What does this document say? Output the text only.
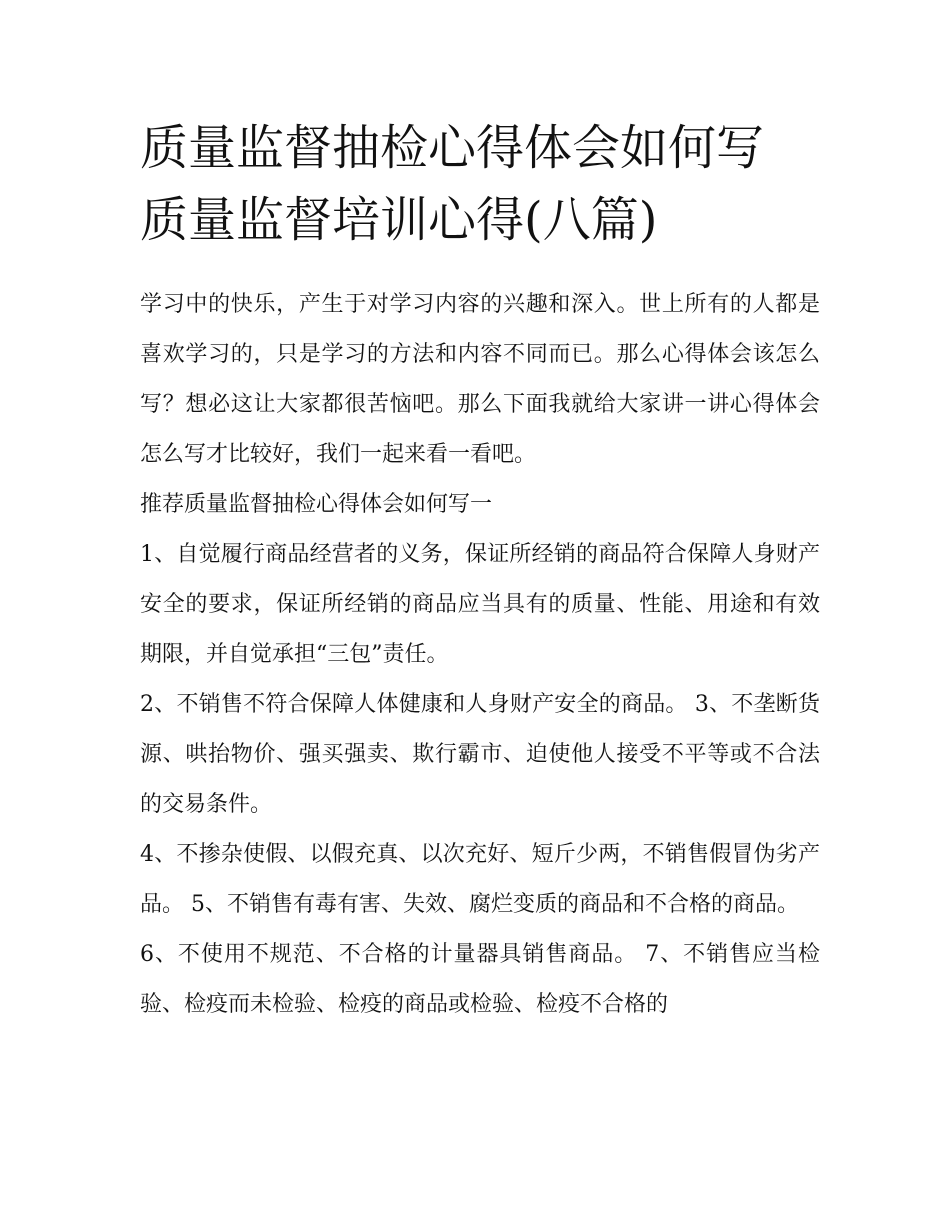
质量监督抽检心得体会如何写
质量监督培训心得(八篇)

学习中的快乐，产生于对学习内容的兴趣和深入。世上所有的人都是喜欢学习的，只是学习的方法和内容不同而已。那么心得体会该怎么写？想必这让大家都很苦恼吧。那么下面我就给大家讲一讲心得体会怎么写才比较好，我们一起来看一看吧。

推荐质量监督抽检心得体会如何写一

1、自觉履行商品经营者的义务，保证所经销的商品符合保障人身财产安全的要求，保证所经销的商品应当具有的质量、性能、用途和有效期限，并自觉承担“三包”责任。

2、不销售不符合保障人体健康和人身财产安全的商品。 3、不垄断货源、哄抬物价、强买强卖、欺行霸市、迫使他人接受不平等或不合法的交易条件。

4、不掺杂使假、以假充真、以次充好、短斤少两，不销售假冒伪劣产品。 5、不销售有毒有害、失效、腐烂变质的商品和不合格的商品。

6、不使用不规范、不合格的计量器具销售商品。 7、不销售应当检验、检疫而未检验、检疫的商品或检验、检疫不合格的
